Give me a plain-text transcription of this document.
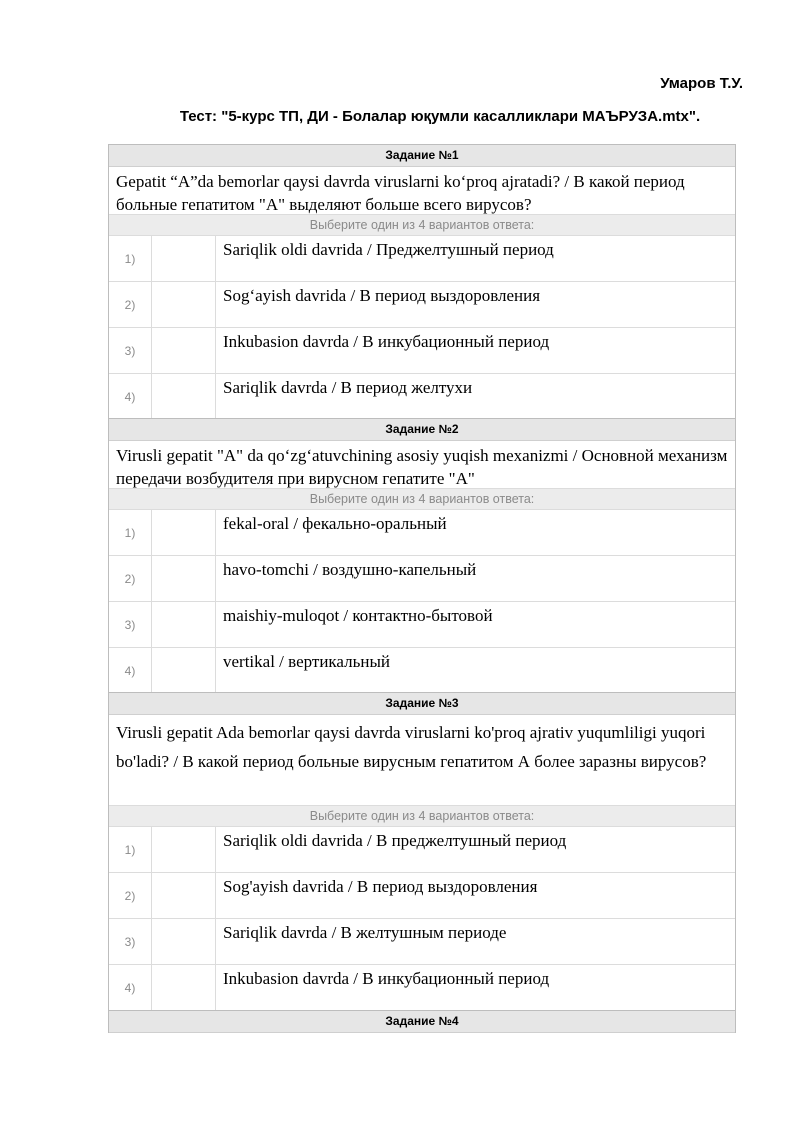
Умаров Т.У.
Тест: "5-курс ТП, ДИ - Болалар юқумли касалликлари МАЪРУЗА.mtx".
Задание №1
Gepatit “A”da bemorlar qaysi davrda viruslarni ko‘proq ajratadi? / В какой период больные гепатитом "А" выделяют больше всего вирусов?
Выберите один из 4 вариантов ответа:
1)		Sariqlik oldi davrida / Преджелтушный период
2)		Sog‘ayish davrida / В период выздоровления
3)		Inkubasion davrda / В инкубационный период
4)		Sariqlik davrda / В период желтухи
Задание №2
Virusli gepatit "A" da qo‘zg‘atuvchining asosiy yuqish mexanizmi / Основной механизм передачи возбудителя при вирусном гепатите "А"
Выберите один из 4 вариантов ответа:
1)		fekal-oral / фекально-оральный
2)		havo-tomchi / воздушно-капельный
3)		maishiy-muloqot / контактно-бытовой
4)		vertikal / вертикальный
Задание №3
Virusli gepatit Ada bemorlar qaysi davrda viruslarni ko'proq ajrativ yuqumliligi yuqori bo'ladi? / В какой период больные вирусным гепатитом А более заразны вирусов?
Выберите один из 4 вариантов ответа:
1)		Sariqlik oldi davrida / В преджелтушный период
2)		Sog'ayish davrida / В период выздоровления
3)		Sariqlik davrda / В желтушным периоде
4)		Inkubasion davrda / В инкубационный период
Задание №4
